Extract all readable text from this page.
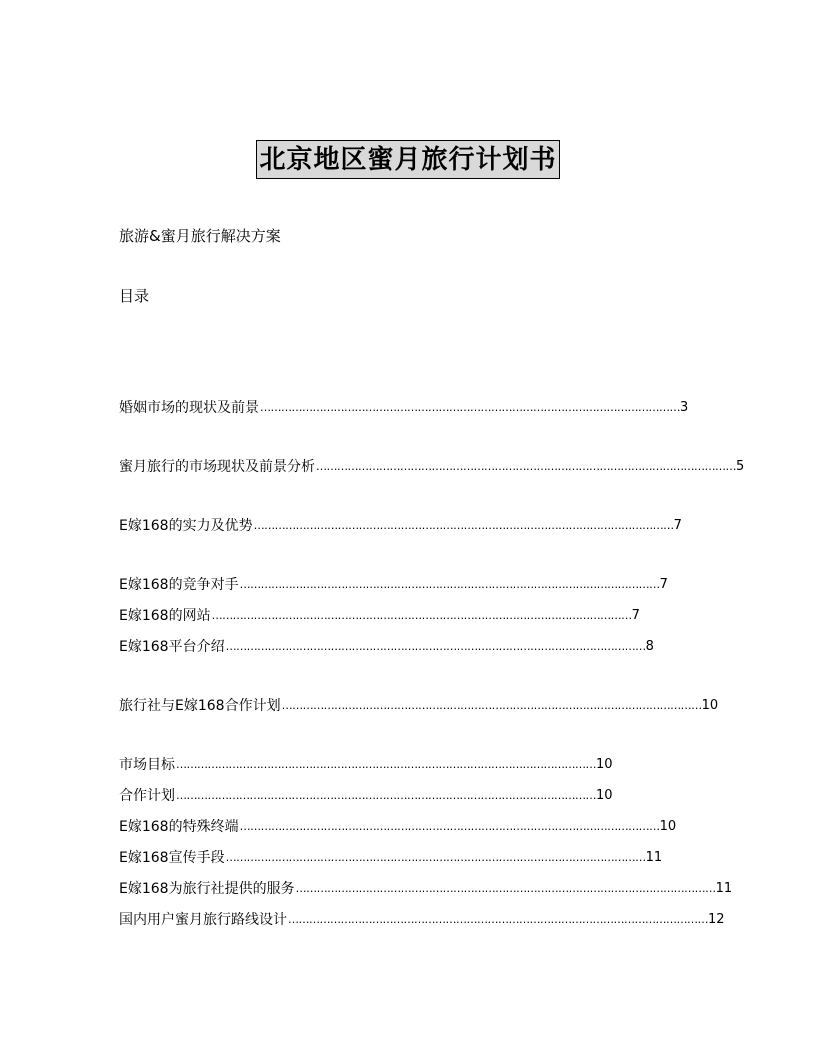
北京地区蜜月旅行计划书
旅游&蜜月旅行解决方案
目录
婚姻市场的现状及前景 ………………………………………………………………………………………………………… 3
蜜月旅行的市场现状及前景分析 ………………………………………………………………………………………………………… 5
E嫁168的实力及优势 ………………………………………………………………………………………………………… 7
E嫁168的竞争对手 ………………………………………………………………………………………………………… 7
E嫁168的网站 ………………………………………………………………………………………………………… 7
E嫁168平台介绍 ………………………………………………………………………………………………………… 8
旅行社与E嫁168合作计划 ………………………………………………………………………………………………………… 10
市场目标 ………………………………………………………………………………………………………… 10
合作计划 ………………………………………………………………………………………………………… 10
E嫁168的特殊终端 ………………………………………………………………………………………………………… 10
E嫁168宣传手段 ………………………………………………………………………………………………………… 11
E嫁168为旅行社提供的服务 ………………………………………………………………………………………………………… 11
国内用户蜜月旅行路线设计 ………………………………………………………………………………………………………… 12
